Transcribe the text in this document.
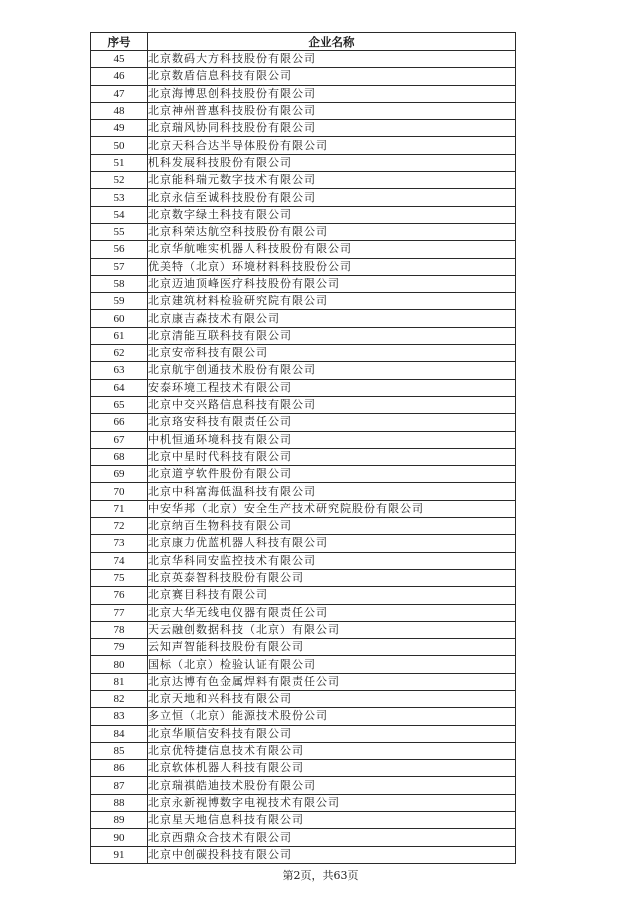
序号	企业名称
45	北京数码大方科技股份有限公司
46	北京数盾信息科技有限公司
47	北京海博思创科技股份有限公司
48	北京神州普惠科技股份有限公司
49	北京瑞风协同科技股份有限公司
50	北京天科合达半导体股份有限公司
51	机科发展科技股份有限公司
52	北京能科瑞元数字技术有限公司
53	北京永信至诚科技股份有限公司
54	北京数字绿土科技有限公司
55	北京科荣达航空科技股份有限公司
56	北京华航唯实机器人科技股份有限公司
57	优美特（北京）环境材料科技股份公司
58	北京迈迪顶峰医疗科技股份有限公司
59	北京建筑材料检验研究院有限公司
60	北京康吉森技术有限公司
61	北京清能互联科技有限公司
62	北京安帝科技有限公司
63	北京航宇创通技术股份有限公司
64	安泰环境工程技术有限公司
65	北京中交兴路信息科技有限公司
66	北京珞安科技有限责任公司
67	中机恒通环境科技有限公司
68	北京中星时代科技有限公司
69	北京道亨软件股份有限公司
70	北京中科富海低温科技有限公司
71	中安华邦（北京）安全生产技术研究院股份有限公司
72	北京纳百生物科技有限公司
73	北京康力优蓝机器人科技有限公司
74	北京华科同安监控技术有限公司
75	北京英泰智科技股份有限公司
76	北京赛目科技有限公司
77	北京大华无线电仪器有限责任公司
78	天云融创数据科技（北京）有限公司
79	云知声智能科技股份有限公司
80	国标（北京）检验认证有限公司
81	北京达博有色金属焊料有限责任公司
82	北京天地和兴科技有限公司
83	多立恒（北京）能源技术股份公司
84	北京华顺信安科技有限公司
85	北京优特捷信息技术有限公司
86	北京软体机器人科技有限公司
87	北京瑞祺皓迪技术股份有限公司
88	北京永新视博数字电视技术有限公司
89	北京星天地信息科技有限公司
90	北京西鼎众合技术有限公司
91	北京中创碳投科技有限公司
第2页，共63页
